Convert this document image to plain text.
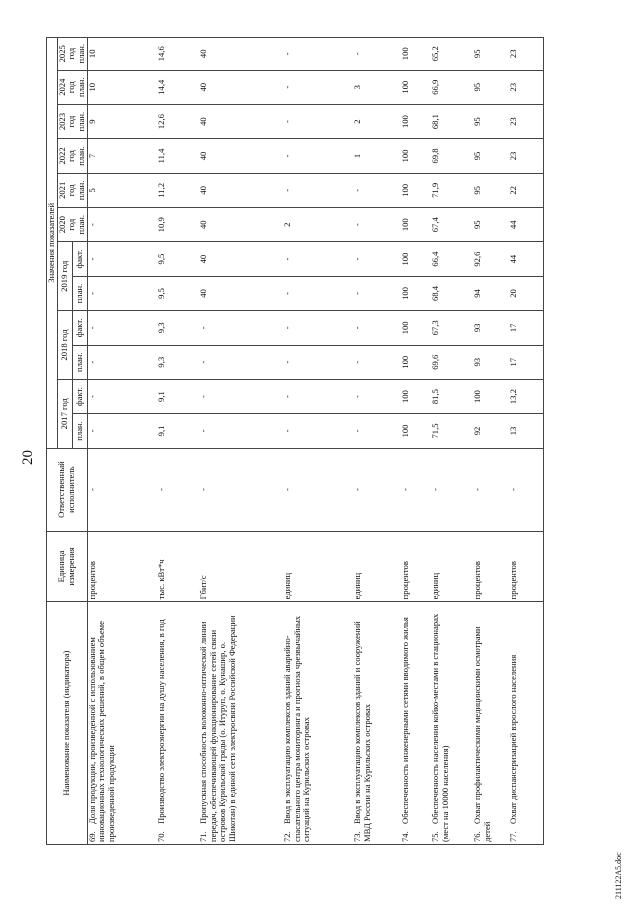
20
Наименование показателя (индикатора)	Единица измерения	Ответственный исполнитель	Значения показателей											
			2017 год		2018 год		2019 год		2020 год план.	2021 год план.	2022 год план.	2023 год план.	2024 год план.	2025 год план.
			план.	факт.	план.	факт.	план.	факт.						
69.Доля продукции, произведенной с использованием инновационных технологических решений, в общем объеме произведенной продукции	процентов	-	-	-	-	-	-	-	-	5	7	9	10	10
70.Производство электроэнергии на душу населения, в год	тыс. кВт*ч	-	9,1	9,1	9,3	9,3	9,5	9,5	10,9	11,2	11,4	12,6	14,4	14,6
71.Пропускная способность волоконно-оптической линии передач, обеспечивающей функционирование сетей связи островов Курильской гряды (о. Итуруп, о. Кунашир, о. Шикотан) в единой сети электросвязи Российской Федерации	Гбит/с	-	-	-	-	-	40	40	40	40	40	40	40	40
72.Ввод в эксплуатацию комплексов зданий аварийно-спасательного центра мониторинга и прогноза чрезвычайных ситуаций на Курильских островах	единиц	-	-	-	-	-	-	-	2	-	-	-	-	-
73.Ввод в эксплуатацию комплексов зданий и сооружений МВД России на Курильских островах	единиц	-	-	-	-	-	-	-	-	-	1	2	3	-
74.Обеспеченность инженерными сетями вводимого жилья	процентов	-	100	100	100	100	100	100	100	100	100	100	100	100
75.Обеспеченность населения койко-местами в стационарах (мест на 10000 населения)	единиц	-	71,5	81,5	69,6	67,3	68,4	66,4	67,4	71,9	69,8	68,1	66,9	65,2
76.Охват профилактическими медицинскими осмотрами детей	процентов	-	92	100	93	93	94	92,6	95	95	95	95	95	95
77.Охват диспансеризацией взрослого населения	процентов	-	13	13,2	17	17	20	44	44	22	23	23	23	23
211122A5.doc
